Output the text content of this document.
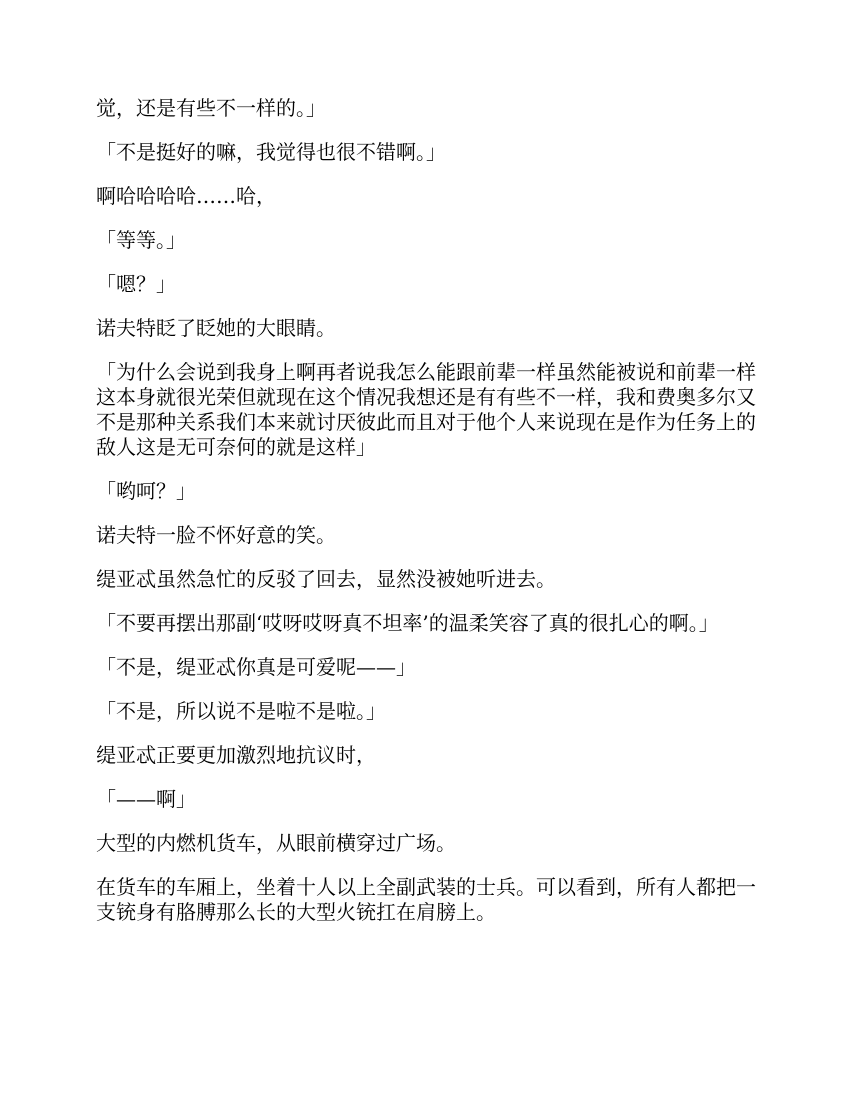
觉，还是有些不一样的。」

「不是挺好的嘛，我觉得也很不错啊。」

啊哈哈哈哈……哈，

「等等。」

「嗯？」

诺夫特眨了眨她的大眼睛。

「为什么会说到我身上啊再者说我怎么能跟前辈一样虽然能被说和前辈一样这本身就很光荣但就现在这个情况我想还是有有些不一样，我和费奥多尔又不是那种关系我们本来就讨厌彼此而且对于他个人来说现在是作为任务上的敌人这是无可奈何的就是这样」

「哟呵？」

诺夫特一脸不怀好意的笑。

缇亚忒虽然急忙的反驳了回去，显然没被她听进去。

「不要再摆出那副‘哎呀哎呀真不坦率’的温柔笑容了真的很扎心的啊。」

「不是，缇亚忒你真是可爱呢——」

「不是，所以说不是啦不是啦。」

缇亚忒正要更加激烈地抗议时，

「——啊」

大型的内燃机货车，从眼前横穿过广场。

在货车的车厢上，坐着十人以上全副武装的士兵。可以看到，所有人都把一支铳身有胳膊那么长的大型火铳扛在肩膀上。
